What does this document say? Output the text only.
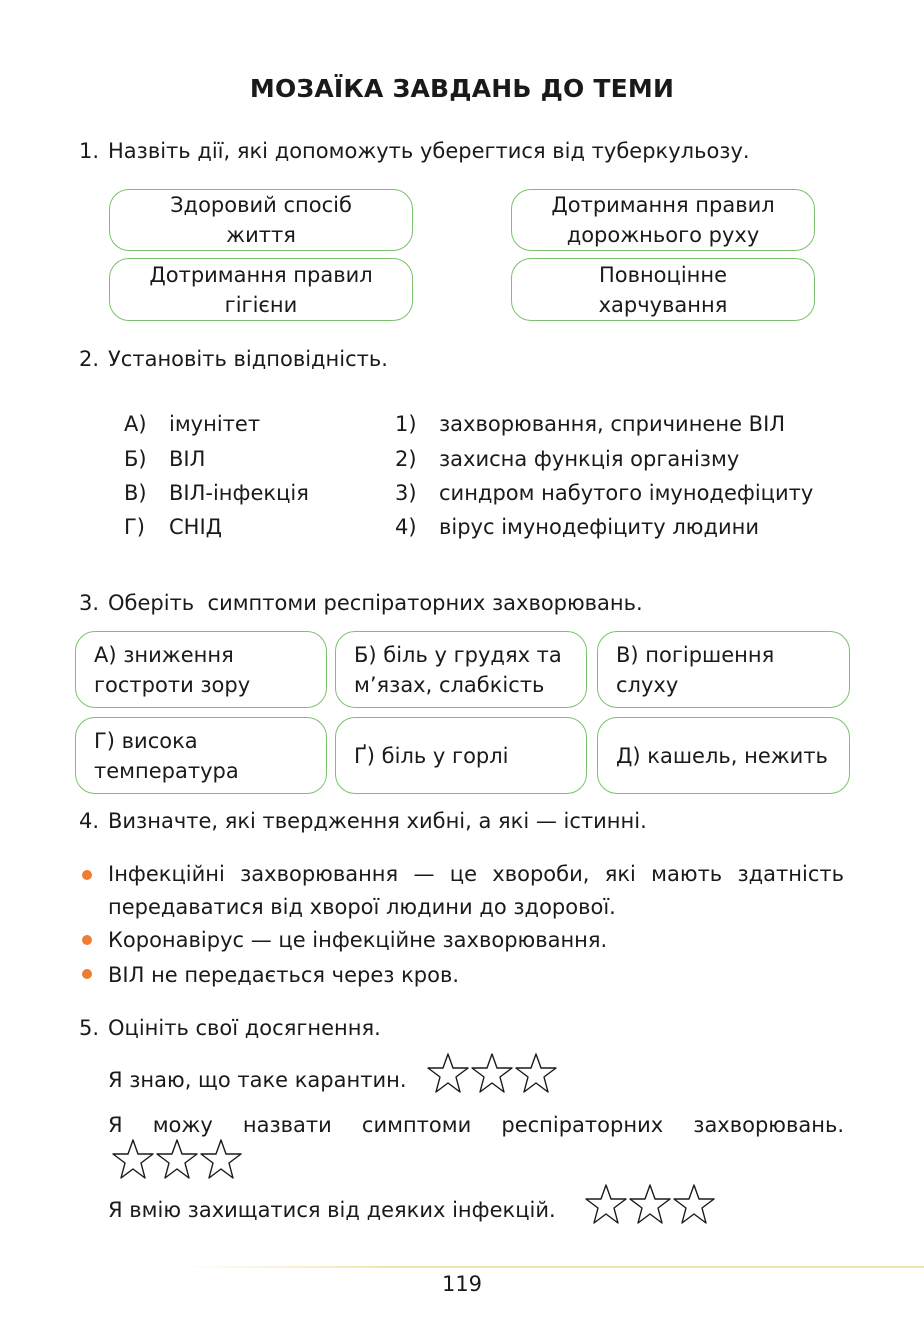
МОЗАЇКА ЗАВДАНЬ ДО ТЕМИ
1. Назвіть дії, які допоможуть уберегтися від туберкульозу.
Здоровий спосіб
життя
Дотримання правил
дорожнього руху
Дотримання правил
гігієни
Повноцінне
харчування
2. Установіть відповідність.
А) імунітет	1) захворювання, спричинене ВІЛ
Б) ВІЛ	2) захисна функція організму
В) ВІЛ-інфекція	3) синдром набутого імунодефіциту
Г) СНІД	4) вірус імунодефіциту людини
3. Оберіть  симптоми респіраторних захворювань.
А) зниження
гостроти зору
Б) біль у грудях та
м’язах, слабкість
В) погіршення
слуху
Г) висока
температура
Ґ) біль у горлі	Д) кашель, нежить
4. Визначте, які твердження хибні, а які — істинні.
Інфекційні захворювання — це хвороби, які мають здатність передаватися від хворої людини до здорової.
Коронавірус — це інфекційне захворювання.
ВІЛ не передається через кров.
5. Оцініть свої досягнення.
Я знаю, що таке карантин.
Я можу назвати симптоми респіраторних захворювань.
Я вмію захищатися від деяких інфекцій.
119
